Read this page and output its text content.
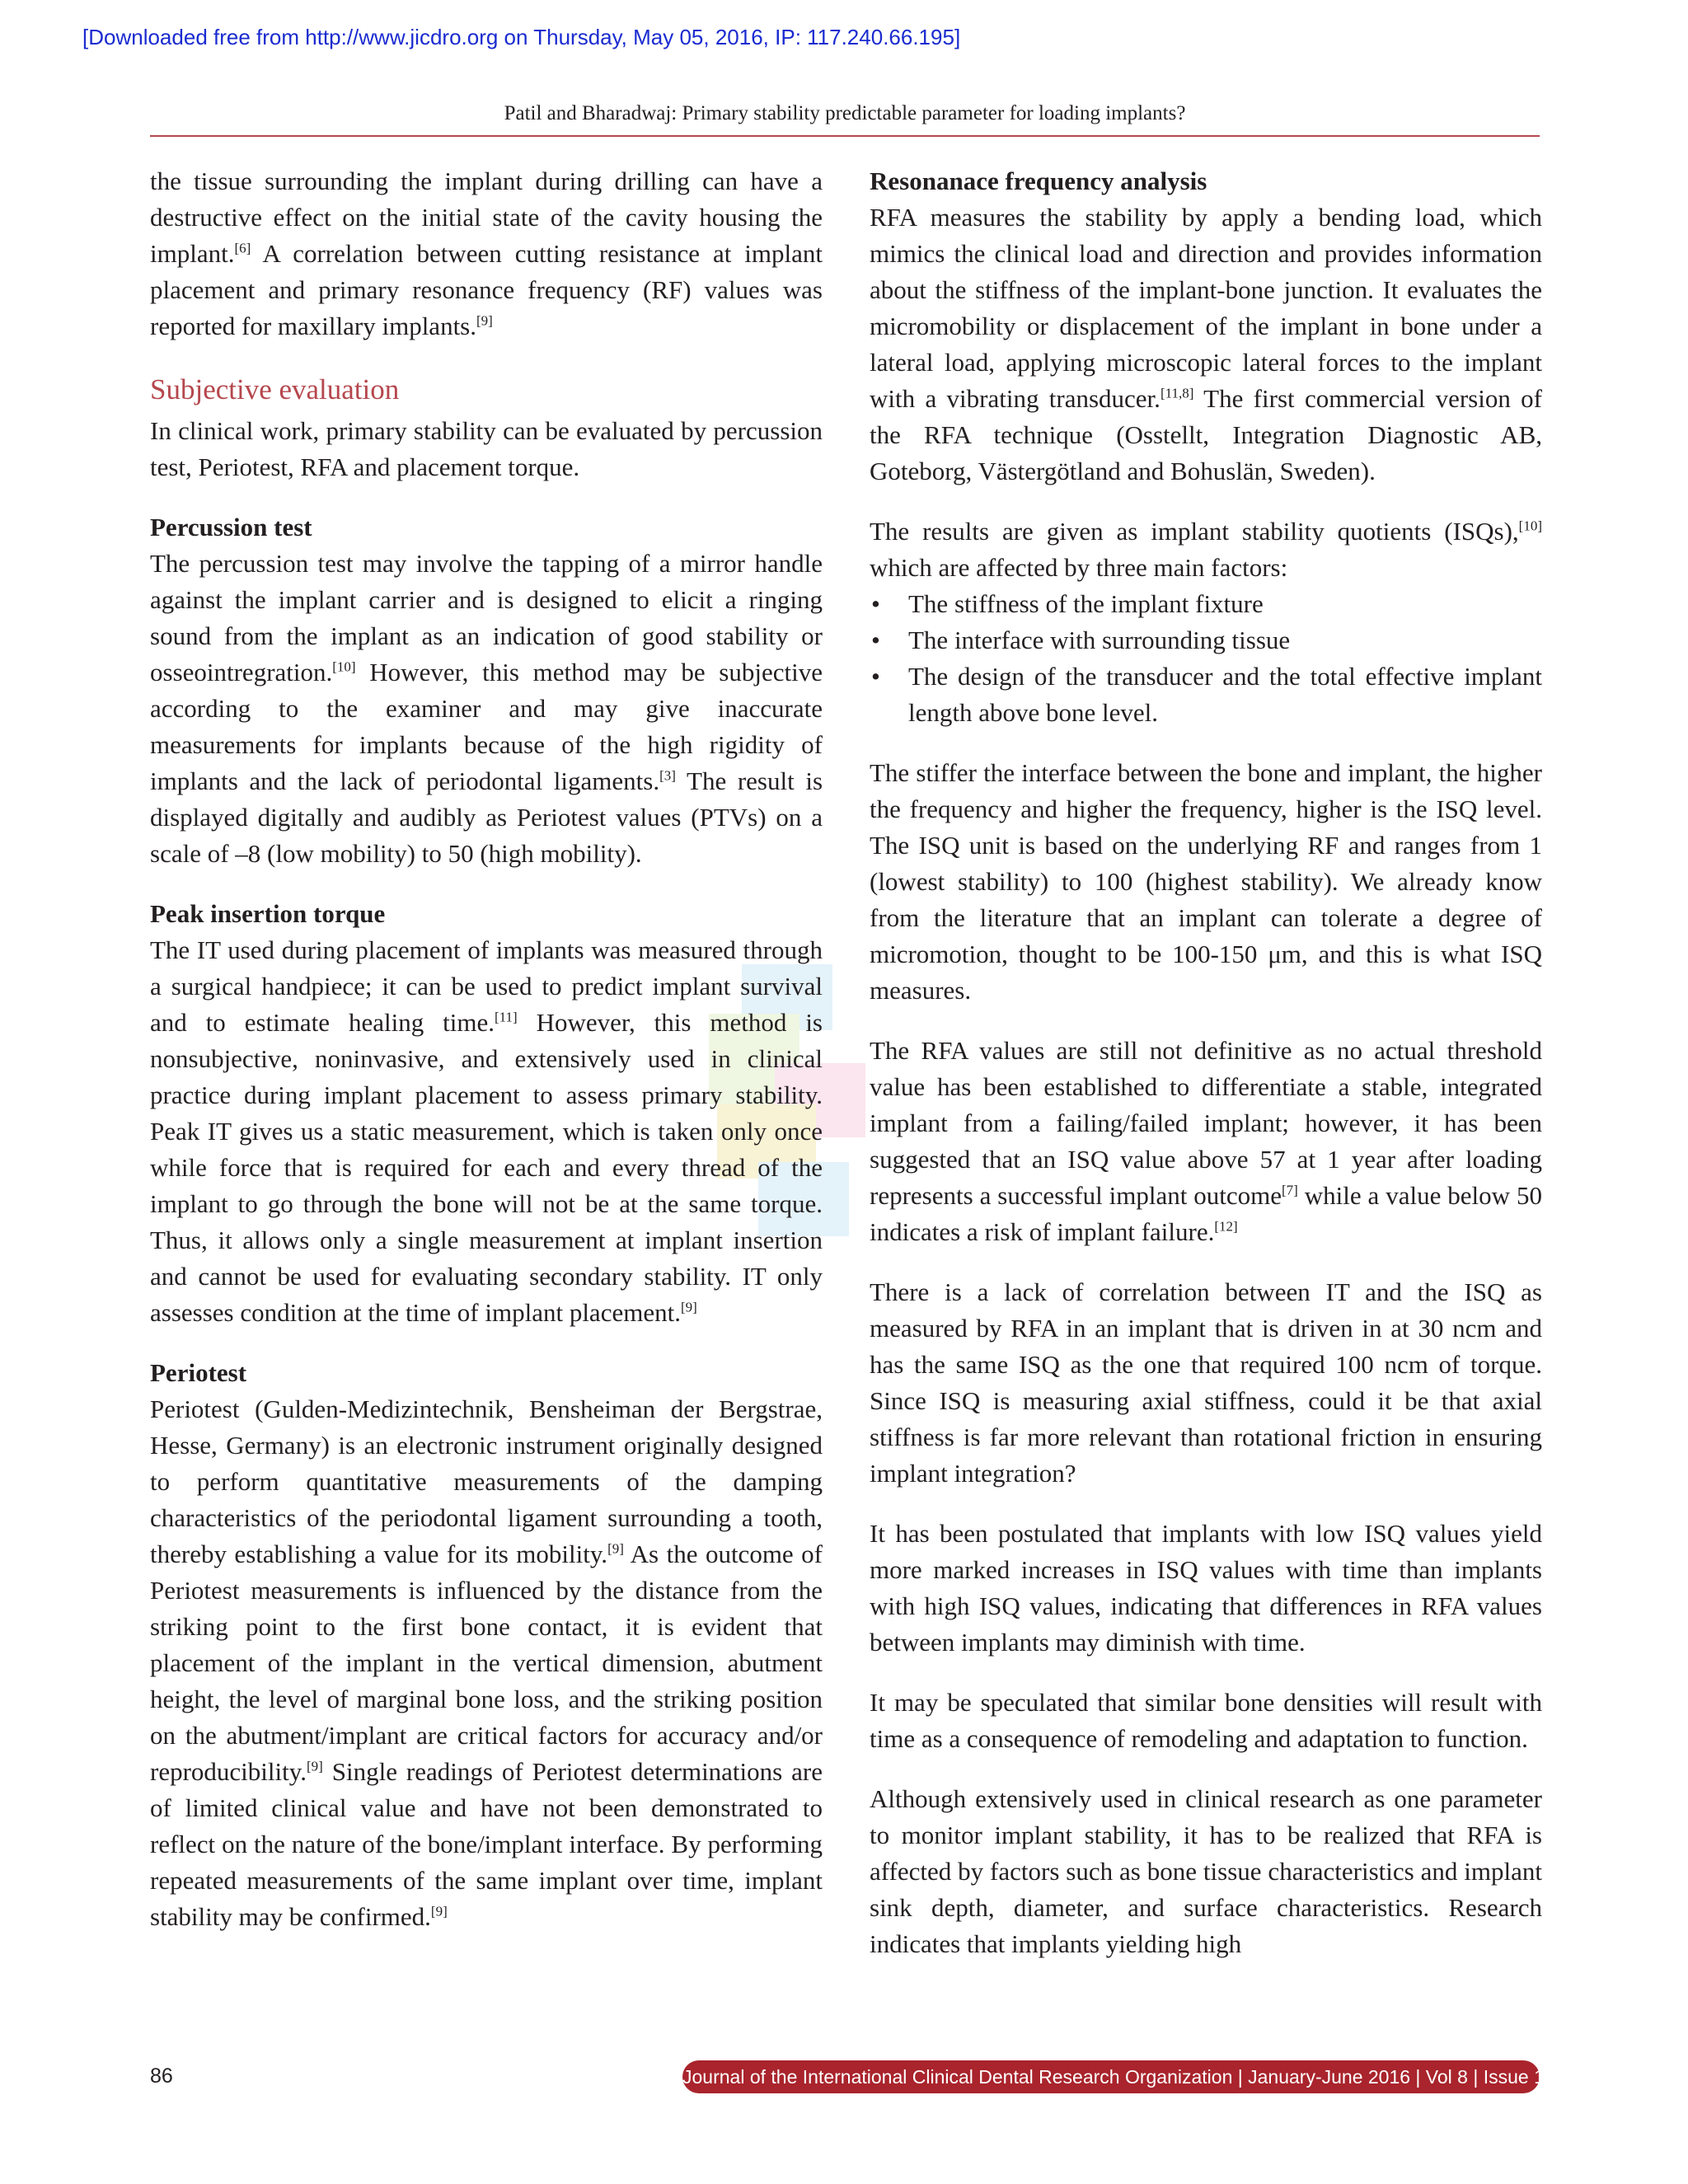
[Downloaded free from http://www.jicdro.org on Thursday, May 05, 2016, IP: 117.240.66.195]
Patil and Bharadwaj: Primary stability predictable parameter for loading implants?

the tissue surrounding the implant during drilling can have a destructive effect on the initial state of the cavity housing the implant.[6] A correlation between cutting resistance at implant placement and primary resonance frequency (RF) values was reported for maxillary implants.[9]

Subjective evaluation

In clinical work, primary stability can be evaluated by percussion test, Periotest, RFA and placement torque.

Percussion test

The percussion test may involve the tapping of a mirror handle against the implant carrier and is designed to elicit a ringing sound from the implant as an indication of good stability or osseointregration.[10] However, this method may be subjective according to the examiner and may give inaccurate measurements for implants because of the high rigidity of implants and the lack of periodontal ligaments.[3] The result is displayed digitally and audibly as Periotest values (PTVs) on a scale of –8 (low mobility) to 50 (high mobility).

Peak insertion torque

The IT used during placement of implants was measured through a surgical handpiece; it can be used to predict implant survival and to estimate healing time.[11] However, this method is nonsubjective, noninvasive, and extensively used in clinical practice during implant placement to assess primary stability. Peak IT gives us a static measurement, which is taken only once while force that is required for each and every thread of the implant to go through the bone will not be at the same torque. Thus, it allows only a single measurement at implant insertion and cannot be used for evaluating secondary stability. IT only assesses condition at the time of implant placement.[9]

Periotest

Periotest (Gulden-Medizintechnik, Bensheiman der Bergstrae, Hesse, Germany) is an electronic instrument originally designed to perform quantitative measurements of the damping characteristics of the periodontal ligament surrounding a tooth, thereby establishing a value for its mobility.[9] As the outcome of Periotest measurements is influenced by the distance from the striking point to the first bone contact, it is evident that placement of the implant in the vertical dimension, abutment height, the level of marginal bone loss, and the striking position on the abutment/implant are critical factors for accuracy and/or reproducibility.[9] Single readings of Periotest determinations are of limited clinical value and have not been demonstrated to reflect on the nature of the bone/implant interface. By performing repeated measurements of the same implant over time, implant stability may be confirmed.[9]

Resonanace frequency analysis

RFA measures the stability by apply a bending load, which mimics the clinical load and direction and provides information about the stiffness of the implant-bone junction. It evaluates the micromobility or displacement of the implant in bone under a lateral load, applying microscopic lateral forces to the implant with a vibrating transducer.[11,8] The first commercial version of the RFA technique (Osstellt, Integration Diagnostic AB, Goteborg, Västergötland and Bohuslän, Sweden).

The results are given as implant stability quotients (ISQs),[10] which are affected by three main factors:

• The stiffness of the implant fixture
• The interface with surrounding tissue
• The design of the transducer and the total effective implant length above bone level.

The stiffer the interface between the bone and implant, the higher the frequency and higher the frequency, higher is the ISQ level. The ISQ unit is based on the underlying RF and ranges from 1 (lowest stability) to 100 (highest stability). We already know from the literature that an implant can tolerate a degree of micromotion, thought to be 100-150 μm, and this is what ISQ measures.

The RFA values are still not definitive as no actual threshold value has been established to differentiate a stable, integrated implant from a failing/failed implant; however, it has been suggested that an ISQ value above 57 at 1 year after loading represents a successful implant outcome[7] while a value below 50 indicates a risk of implant failure.[12]

There is a lack of correlation between IT and the ISQ as measured by RFA in an implant that is driven in at 30 ncm and has the same ISQ as the one that required 100 ncm of torque. Since ISQ is measuring axial stiffness, could it be that axial stiffness is far more relevant than rotational friction in ensuring implant integration?

It has been postulated that implants with low ISQ values yield more marked increases in ISQ values with time than implants with high ISQ values, indicating that differences in RFA values between implants may diminish with time.

It may be speculated that similar bone densities will result with time as a consequence of remodeling and adaptation to function.

Although extensively used in clinical research as one parameter to monitor implant stability, it has to be realized that RFA is affected by factors such as bone tissue characteristics and implant sink depth, diameter, and surface characteristics. Research indicates that implants yielding high

86	Journal of the International Clinical Dental Research Organization | January-June 2016 | Vol 8 | Issue 1
